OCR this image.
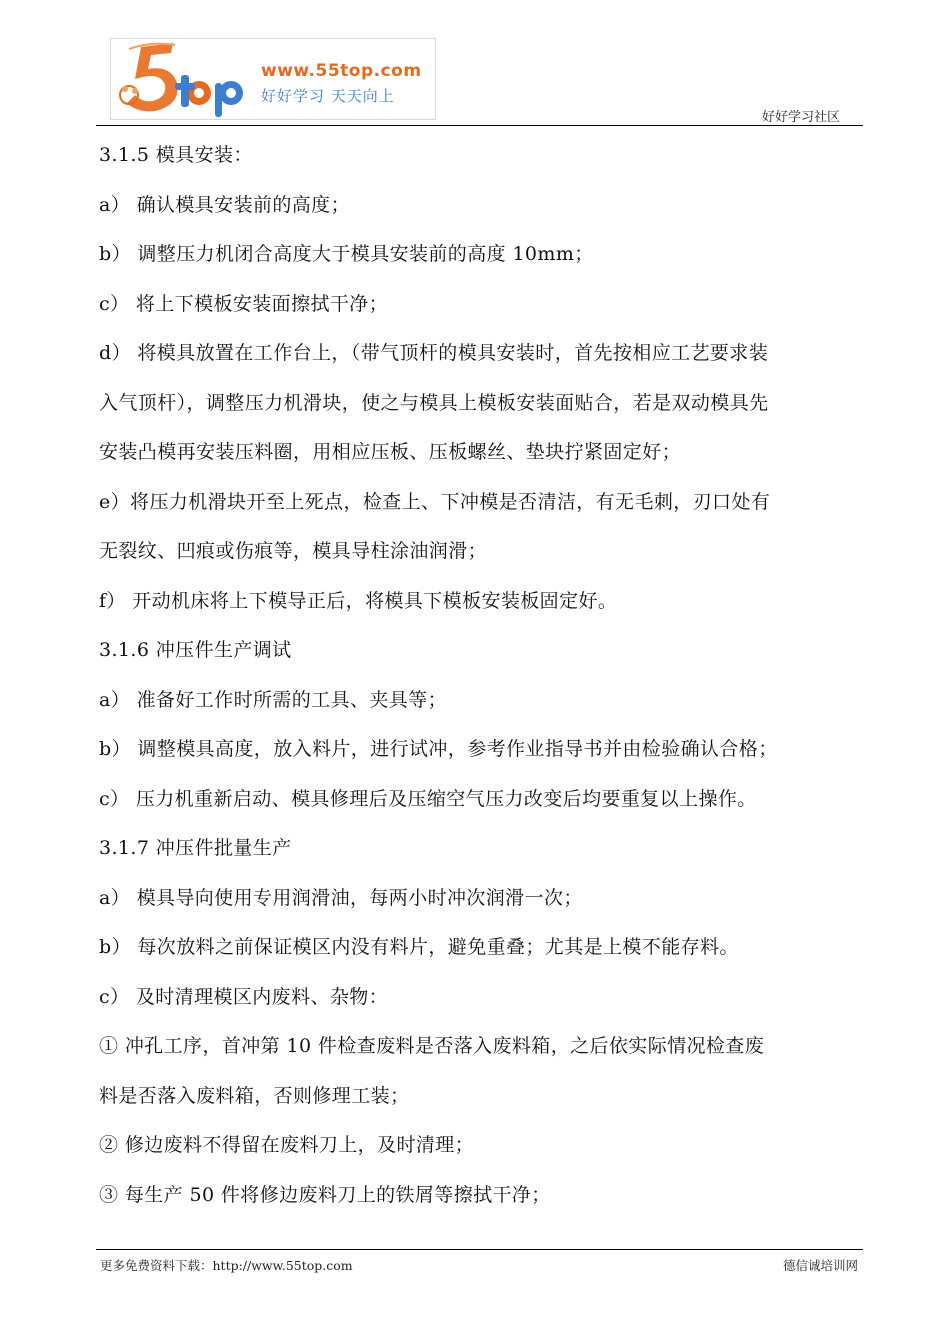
www.55top.com
好好学习 天天向上
好好学习社区

3.1.5 模具安装：

a） 确认模具安装前的高度；

b） 调整压力机闭合高度大于模具安装前的高度 10mm；

c） 将上下模板安装面擦拭干净；

d） 将模具放置在工作台上，（带气顶杆的模具安装时，首先按相应工艺要求装

入气顶杆），调整压力机滑块，使之与模具上模板安装面贴合，若是双动模具先

安装凸模再安装压料圈，用相应压板、压板螺丝、垫块拧紧固定好；

e）将压力机滑块开至上死点，检查上、下冲模是否清洁，有无毛刺，刃口处有

无裂纹、凹痕或伤痕等，模具导柱涂油润滑；

f） 开动机床将上下模导正后，将模具下模板安装板固定好。

3.1.6 冲压件生产调试

a） 准备好工作时所需的工具、夹具等；

b） 调整模具高度，放入料片，进行试冲，参考作业指导书并由检验确认合格；

c） 压力机重新启动、模具修理后及压缩空气压力改变后均要重复以上操作。

3.1.7 冲压件批量生产

a） 模具导向使用专用润滑油，每两小时冲次润滑一次；

b） 每次放料之前保证模区内没有料片，避免重叠；尤其是上模不能存料。

c） 及时清理模区内废料、杂物：

① 冲孔工序，首冲第 10 件检查废料是否落入废料箱，之后依实际情况检查废

料是否落入废料箱，否则修理工装；

② 修边废料不得留在废料刀上，及时清理；

③ 每生产 50 件将修边废料刀上的铁屑等擦拭干净；

更多免费资料下载：http://www.55top.com	德信诚培训网
